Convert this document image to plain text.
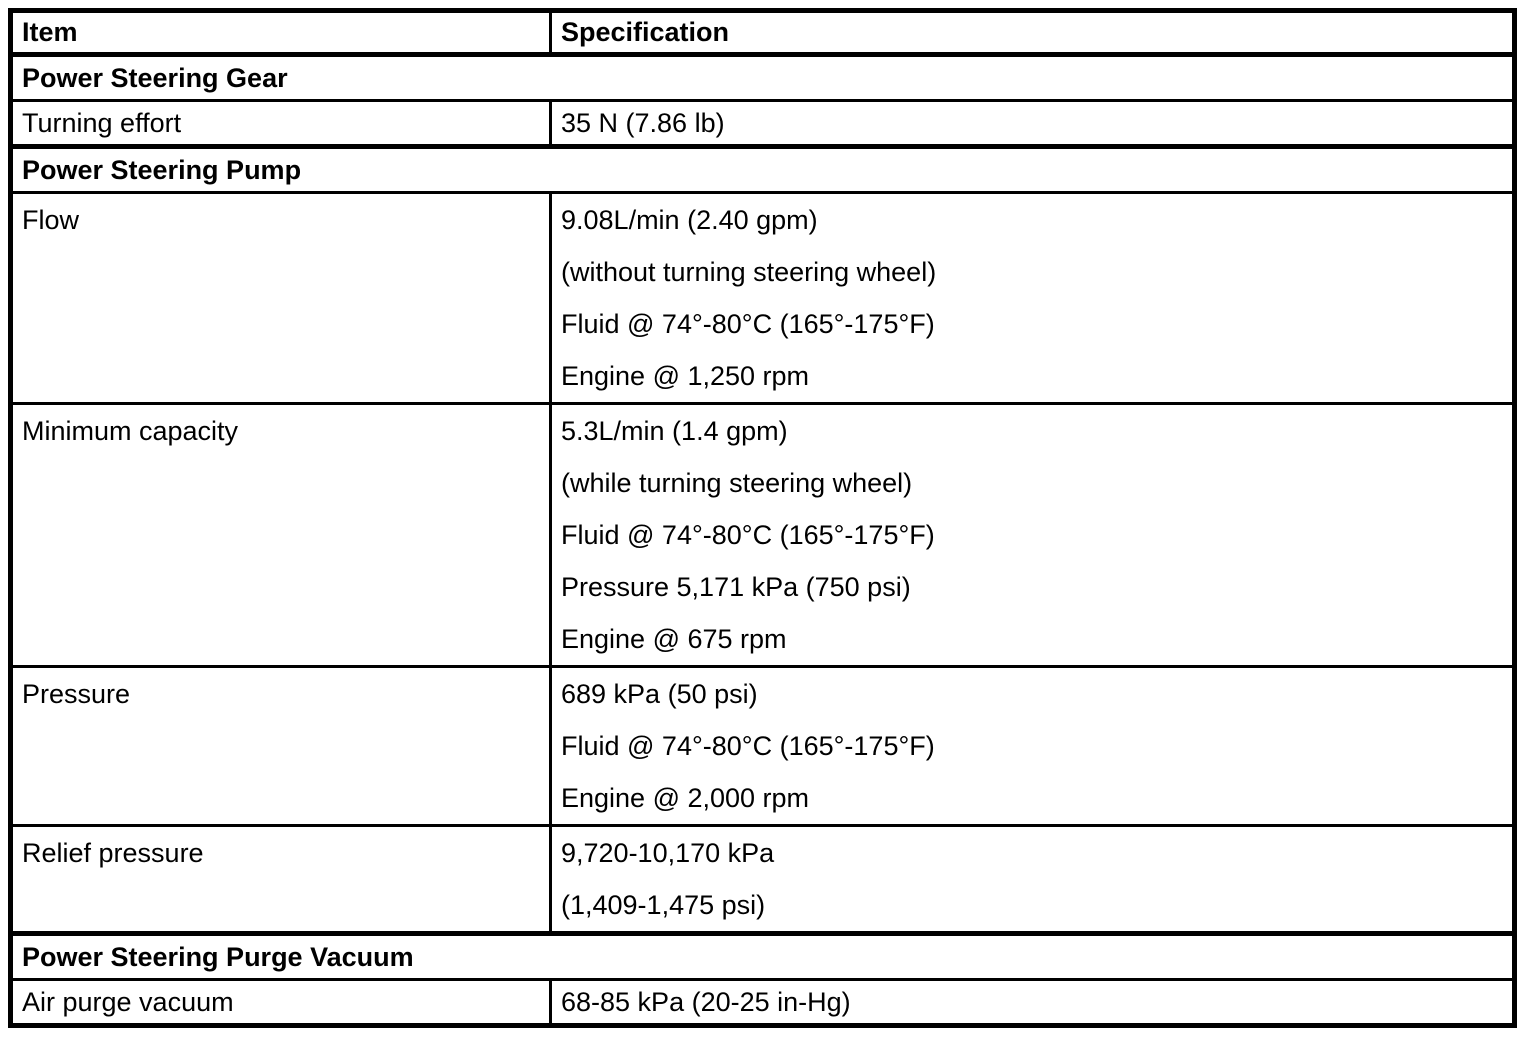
Item	Specification
Power Steering Gear	
Turning effort	35 N (7.86 lb)
Power Steering Pump	

Flow	9.08L/min (2.40 gpm)
(without turning steering wheel)
Fluid @ 74°-80°C (165°-175°F)
Engine @ 1,250 rpm

Minimum capacity	5.3L/min (1.4 gpm)
(while turning steering wheel)
Fluid @ 74°-80°C (165°-175°F)
Pressure 5,171 kPa (750 psi)
Engine @ 675 rpm

Pressure	689 kPa (50 psi)
Fluid @ 74°-80°C (165°-175°F)
Engine @ 2,000 rpm

Relief pressure	9,720-10,170 kPa
(1,409-1,475 psi)

Power Steering Purge Vacuum	
Air purge vacuum	68-85 kPa (20-25 in-Hg)
